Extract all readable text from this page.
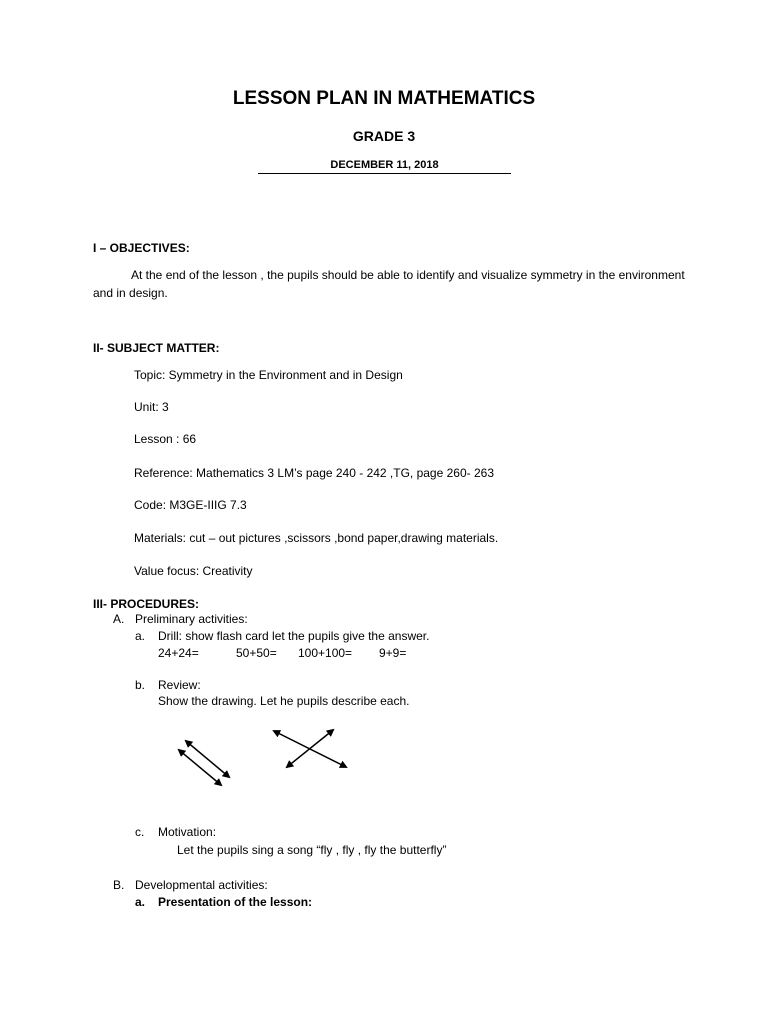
LESSON PLAN IN MATHEMATICS
GRADE 3
DECEMBER 11, 2018
I – OBJECTIVES:
At the end of the lesson , the pupils should be able to identify and visualize symmetry in the environment and in design.
II- SUBJECT MATTER:
Topic: Symmetry in the Environment and in Design
Unit: 3
Lesson : 66
Reference: Mathematics 3 LM’s page 240 - 242 ,TG, page 260- 263
Code: M3GE-IIIG 7.3
Materials: cut – out pictures ,scissors ,bond paper,drawing materials.
Value focus: Creativity
III- PROCEDURES:
A. Preliminary activities:
a. Drill: show flash card let the pupils give the answer.
24+24=	50+50= 100+100= 9+9=
b. Review:
Show the drawing. Let he pupils describe each.
c. Motivation:
Let the pupils sing a song “fly , fly , fly the butterfly”
B. Developmental activities:
a. Presentation of the lesson:
